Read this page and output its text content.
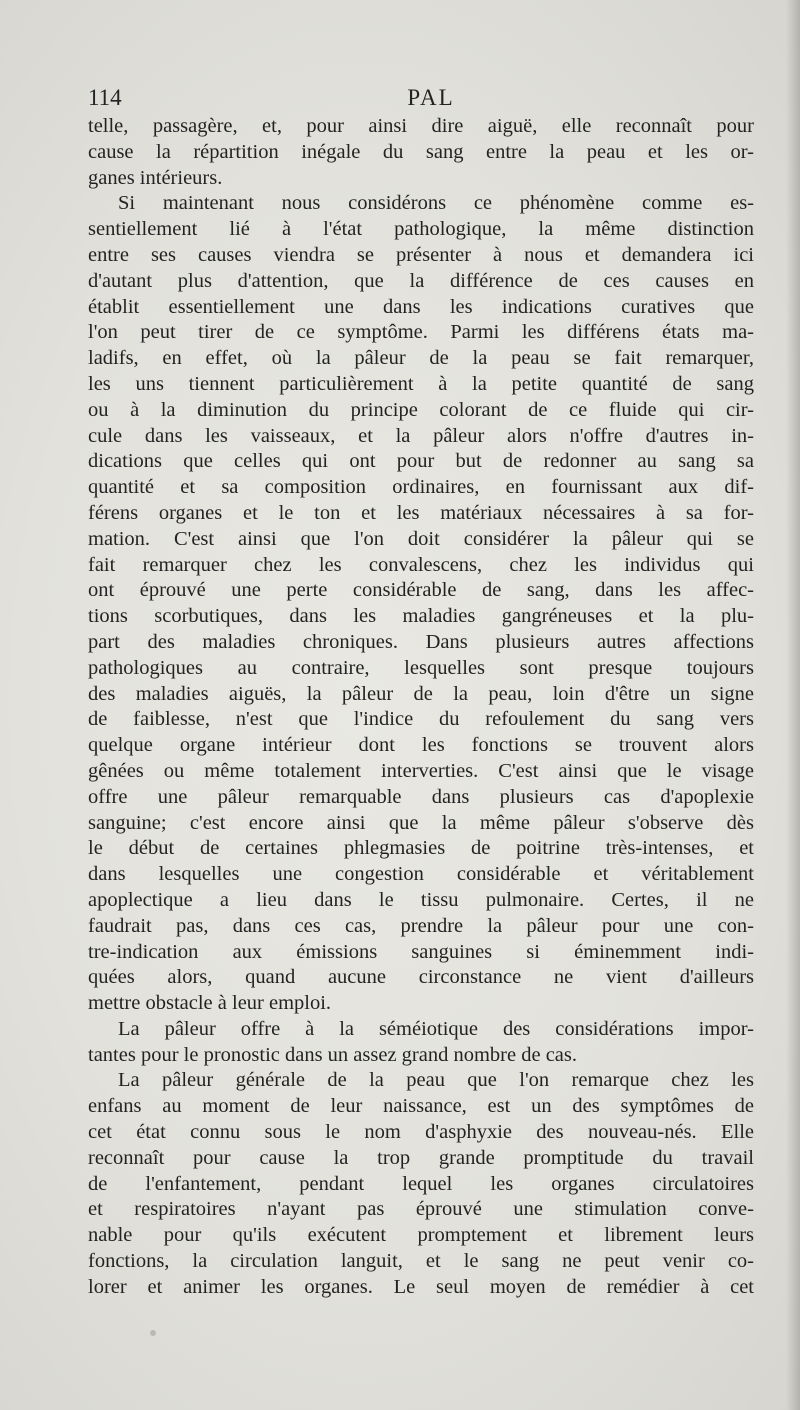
114	PAL
telle, passagère, et, pour ainsi dire aiguë, elle reconnaît pour
cause la répartition inégale du sang entre la peau et les or-
ganes intérieurs.
Si maintenant nous considérons ce phénomène comme es-
sentiellement lié à l'état pathologique, la même distinction
entre ses causes viendra se présenter à nous et demandera ici
d'autant plus d'attention, que la différence de ces causes en
établit essentiellement une dans les indications curatives que
l'on peut tirer de ce symptôme. Parmi les différens états ma-
ladifs, en effet, où la pâleur de la peau se fait remarquer,
les uns tiennent particulièrement à la petite quantité de sang
ou à la diminution du principe colorant de ce fluide qui cir-
cule dans les vaisseaux, et la pâleur alors n'offre d'autres in-
dications que celles qui ont pour but de redonner au sang sa
quantité et sa composition ordinaires, en fournissant aux dif-
férens organes et le ton et les matériaux nécessaires à sa for-
mation. C'est ainsi que l'on doit considérer la pâleur qui se
fait remarquer chez les convalescens, chez les individus qui
ont éprouvé une perte considérable de sang, dans les affec-
tions scorbutiques, dans les maladies gangréneuses et la plu-
part des maladies chroniques. Dans plusieurs autres affections
pathologiques au contraire, lesquelles sont presque toujours
des maladies aiguës, la pâleur de la peau, loin d'être un signe
de faiblesse, n'est que l'indice du refoulement du sang vers
quelque organe intérieur dont les fonctions se trouvent alors
gênées ou même totalement interverties. C'est ainsi que le visage
offre une pâleur remarquable dans plusieurs cas d'apoplexie
sanguine; c'est encore ainsi que la même pâleur s'observe dès
le début de certaines phlegmasies de poitrine très-intenses, et
dans lesquelles une congestion considérable et véritablement
apoplectique a lieu dans le tissu pulmonaire. Certes, il ne
faudrait pas, dans ces cas, prendre la pâleur pour une con-
tre-indication aux émissions sanguines si éminemment indi-
quées alors, quand aucune circonstance ne vient d'ailleurs
mettre obstacle à leur emploi.
La pâleur offre à la séméiotique des considérations impor-
tantes pour le pronostic dans un assez grand nombre de cas.
La pâleur générale de la peau que l'on remarque chez les
enfans au moment de leur naissance, est un des symptômes de
cet état connu sous le nom d'asphyxie des nouveau-nés. Elle
reconnaît pour cause la trop grande promptitude du travail
de l'enfantement, pendant lequel les organes circulatoires
et respiratoires n'ayant pas éprouvé une stimulation conve-
nable pour qu'ils exécutent promptement et librement leurs
fonctions, la circulation languit, et le sang ne peut venir co-
lorer et animer les organes. Le seul moyen de remédier à cet
